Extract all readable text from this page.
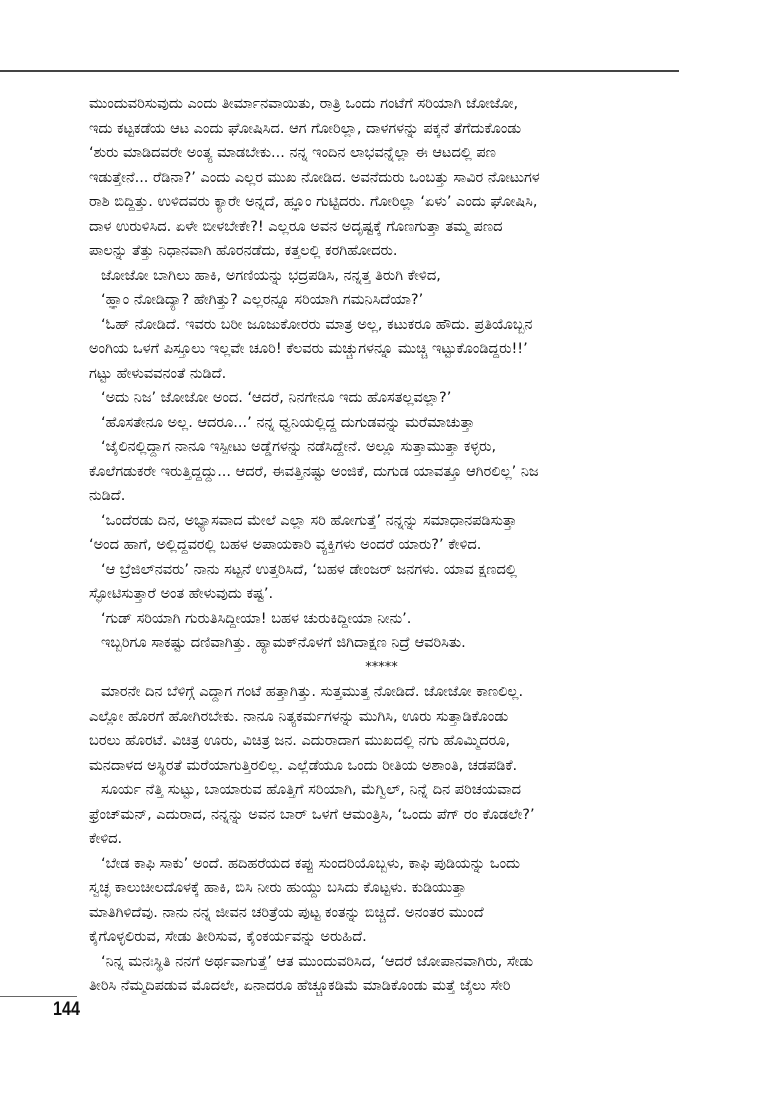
ಮುಂದುವರಿಸುವುದು ಎಂದು ತೀರ್ಮಾನವಾಯಿತು, ರಾತ್ರಿ ಒಂದು ಗಂಟೆಗೆ ಸರಿಯಾಗಿ ಜೋಜೋ,
ಇದು ಕಟ್ಟಕಡೆಯ ಆಟ ಎಂದು ಘೋಷಿಸಿದ. ಆಗ ಗೋರಿಲ್ಲಾ, ದಾಳಗಳನ್ನು ಪಕ್ಕನೆ ತೆಗೆದುಕೊಂಡು
‘ಶುರು ಮಾಡಿದವರೇ ಅಂತ್ಯ ಮಾಡಬೇಕು... ನನ್ನ ಇಂದಿನ ಲಾಭವನ್ನೆಲ್ಲಾ ಈ ಆಟದಲ್ಲಿ ಪಣ
ಇಡುತ್ತೇನೆ... ರೆಡಿನಾ?’ ಎಂದು ಎಲ್ಲರ ಮುಖ ನೋಡಿದ. ಅವನೆದುರು ಒಂಬತ್ತು ಸಾವಿರ ನೋಟುಗಳ
ರಾಶಿ ಬಿದ್ದಿತ್ತು. ಉಳಿದವರು ಕ್ಯಾರೇ ಅನ್ನದೆ, ಹ್ಞೂಂ ಗುಟ್ಟಿದರು. ಗೋರಿಲ್ಲಾ ‘ಏಳು’ ಎಂದು ಘೋಷಿಸಿ,
ದಾಳ ಉರುಳಿಸಿದ. ಏಳೇ ಬೀಳಬೇಕೇ?! ಎಲ್ಲರೂ ಅವನ ಅದೃಷ್ಟಕ್ಕೆ ಗೊಣಗುತ್ತಾ ತಮ್ಮ ಪಣದ
ಪಾಲನ್ನು ತೆತ್ತು ನಿಧಾನವಾಗಿ ಹೊರನಡೆದು, ಕತ್ತಲಲ್ಲಿ ಕರಗಿಹೋದರು.
ಜೋಜೋ ಬಾಗಿಲು ಹಾಕಿ, ಅಗಣಿಯನ್ನು ಭದ್ರಪಡಿಸಿ, ನನ್ನತ್ತ ತಿರುಗಿ ಕೇಳಿದ,
‘ಹ್ಞಾಂ ನೋಡಿದ್ಯಾ? ಹೇಗಿತ್ತು? ಎಲ್ಲರನ್ನೂ ಸರಿಯಾಗಿ ಗಮನಿಸಿದೆಯಾ?’
‘ಓಹ್ ನೋಡಿದೆ. ಇವರು ಬರೀ ಜೂಜುಕೋರರು ಮಾತ್ರ ಅಲ್ಲ, ಕಟುಕರೂ ಹೌದು. ಪ್ರತಿಯೊಬ್ಬನ
ಅಂಗಿಯ ಒಳಗೆ ಪಿಸ್ತೂಲು ಇಲ್ಲವೇ ಚೂರಿ! ಕೆಲವರು ಮಚ್ಚುಗಳನ್ನೂ ಮುಚ್ಚಿ ಇಟ್ಟುಕೊಂಡಿದ್ದರು!!’
ಗಟ್ಟು ಹೇಳುವವನಂತೆ ನುಡಿದೆ.
‘ಅದು ನಿಜ’ ಜೋಜೋ ಅಂದ. ‘ಆದರೆ, ನಿನಗೇನೂ ಇದು ಹೊಸತಲ್ಲವಲ್ಲಾ?’
‘ಹೊಸತೇನೂ ಅಲ್ಲ. ಆದರೂ...’ ನನ್ನ ಧ್ವನಿಯಲ್ಲಿದ್ದ ದುಗುಡವನ್ನು ಮರೆಮಾಚುತ್ತಾ
‘ಜೈಲಿನಲ್ಲಿದ್ದಾಗ ನಾನೂ ಇಸ್ಪೀಟು ಅಡ್ಡೆಗಳನ್ನು ನಡೆಸಿದ್ದೇನೆ. ಅಲ್ಲೂ ಸುತ್ತಾಮುತ್ತಾ ಕಳ್ಳರು,
ಕೊಲೆಗಡುಕರೇ ಇರುತ್ತಿದ್ದದ್ದು... ಆದರೆ, ಈವತ್ತಿನಷ್ಟು ಅಂಜಿಕೆ, ದುಗುಡ ಯಾವತ್ತೂ ಆಗಿರಲಿಲ್ಲ’ ನಿಜ
ನುಡಿದೆ.
‘ಒಂದೆರಡು ದಿನ, ಅಭ್ಯಾಸವಾದ ಮೇಲೆ ಎಲ್ಲಾ ಸರಿ ಹೋಗುತ್ತೆ’ ನನ್ನನ್ನು ಸಮಾಧಾನಪಡಿಸುತ್ತಾ
‘ಅಂದ ಹಾಗೆ, ಅಲ್ಲಿದ್ದವರಲ್ಲಿ ಬಹಳ ಅಪಾಯಕಾರಿ ವ್ಯಕ್ತಿಗಳು ಅಂದರೆ ಯಾರು?’ ಕೇಳಿದ.
‘ಆ ಬ್ರೆಜಿಲ್‌ನವರು’ ನಾನು ಸಟ್ಟನೆ ಉತ್ತರಿಸಿದೆ, ‘ಬಹಳ ಡೇಂಜರ್ ಜನಗಳು. ಯಾವ ಕ್ಷಣದಲ್ಲಿ
ಸ್ಫೋಟಿಸುತ್ತಾರೆ ಅಂತ ಹೇಳುವುದು ಕಷ್ಟ’.
‘ಗುಡ್ ಸರಿಯಾಗಿ ಗುರುತಿಸಿದ್ದೀಯಾ! ಬಹಳ ಚುರುಕಿದ್ದೀಯಾ ನೀನು’.
ಇಬ್ಬರಿಗೂ ಸಾಕಷ್ಟು ದಣಿವಾಗಿತ್ತು. ಹ್ಯಾಮಕ್‌ನೊಳಗೆ ಜಿಗಿದಾಕ್ಷಣ ನಿದ್ರೆ ಆವರಿಸಿತು.
*****
ಮಾರನೇ ದಿನ ಬೆಳಿಗ್ಗೆ ಎದ್ದಾಗ ಗಂಟೆ ಹತ್ತಾಗಿತ್ತು. ಸುತ್ತಮುತ್ತ ನೋಡಿದೆ. ಜೋಜೋ ಕಾಣಲಿಲ್ಲ.
ಎಲ್ಲೋ ಹೊರಗೆ ಹೋಗಿರಬೇಕು. ನಾನೂ ನಿತ್ಯಕರ್ಮಗಳನ್ನು ಮುಗಿಸಿ, ಊರು ಸುತ್ತಾಡಿಕೊಂಡು
ಬರಲು ಹೊರಟೆ. ವಿಚಿತ್ರ ಊರು, ವಿಚಿತ್ರ ಜನ. ಎದುರಾದಾಗ ಮುಖದಲ್ಲಿ ನಗು ಹೊಮ್ಮಿದರೂ,
ಮನದಾಳದ ಅಸ್ಥಿರತೆ ಮರೆಯಾಗುತ್ತಿರಲಿಲ್ಲ. ಎಲ್ಲೆಡೆಯೂ ಒಂದು ರೀತಿಯ ಅಶಾಂತಿ, ಚಡಪಡಿಕೆ.
ಸೂರ್ಯ ನೆತ್ತಿ ಸುಟ್ಟು, ಬಾಯಾರುವ ಹೊತ್ತಿಗೆ ಸರಿಯಾಗಿ, ಮೆಗ್ವಿಲ್, ನಿನ್ನೆ ದಿನ ಪರಿಚಯವಾದ
ಫ್ರೆಂಚ್‌ಮನ್, ಎದುರಾದ, ನನ್ನನ್ನು ಅವನ ಬಾರ್ ಒಳಗೆ ಆಮಂತ್ರಿಸಿ, ‘ಒಂದು ಪೆಗ್ ರಂ ಕೊಡಲೇ?’
ಕೇಳಿದ.
‘ಬೇಡ ಕಾಫಿ ಸಾಕು’ ಅಂದೆ. ಹದಿಹರೆಯದ ಕಪ್ಪು ಸುಂದರಿಯೊಬ್ಬಳು, ಕಾಫಿ ಪುಡಿಯನ್ನು ಒಂದು
ಸ್ವಚ್ಛ ಕಾಲುಚೀಲದೊಳಕ್ಕೆ ಹಾಕಿ, ಬಿಸಿ ನೀರು ಹುಯ್ದು ಬಸಿದು ಕೊಟ್ಟಳು. ಕುಡಿಯುತ್ತಾ
ಮಾತಿಗಿಳಿದೆವು. ನಾನು ನನ್ನ ಜೀವನ ಚರಿತ್ರೆಯ ಪುಟ್ಟ ಕಂತನ್ನು ಬಿಚ್ಚಿದೆ. ಅನಂತರ ಮುಂದೆ
ಕೈಗೊಳ್ಳಲಿರುವ, ಸೇಡು ತೀರಿಸುವ, ಕೈಂಕರ್ಯವನ್ನು ಅರುಹಿದೆ.
‘ನಿನ್ನ ಮನಃಸ್ಥಿತಿ ನನಗೆ ಅರ್ಥವಾಗುತ್ತೆ’ ಆತ ಮುಂದುವರಿಸಿದ, ‘ಆದರೆ ಜೋಪಾನವಾಗಿರು, ಸೇಡು
ತೀರಿಸಿ ನೆಮ್ಮದಿಪಡುವ ಮೊದಲೇ, ಏನಾದರೂ ಹೆಚ್ಚೂಕಡಿಮೆ ಮಾಡಿಕೊಂಡು ಮತ್ತೆ ಜೈಲು ಸೇರಿ
144
